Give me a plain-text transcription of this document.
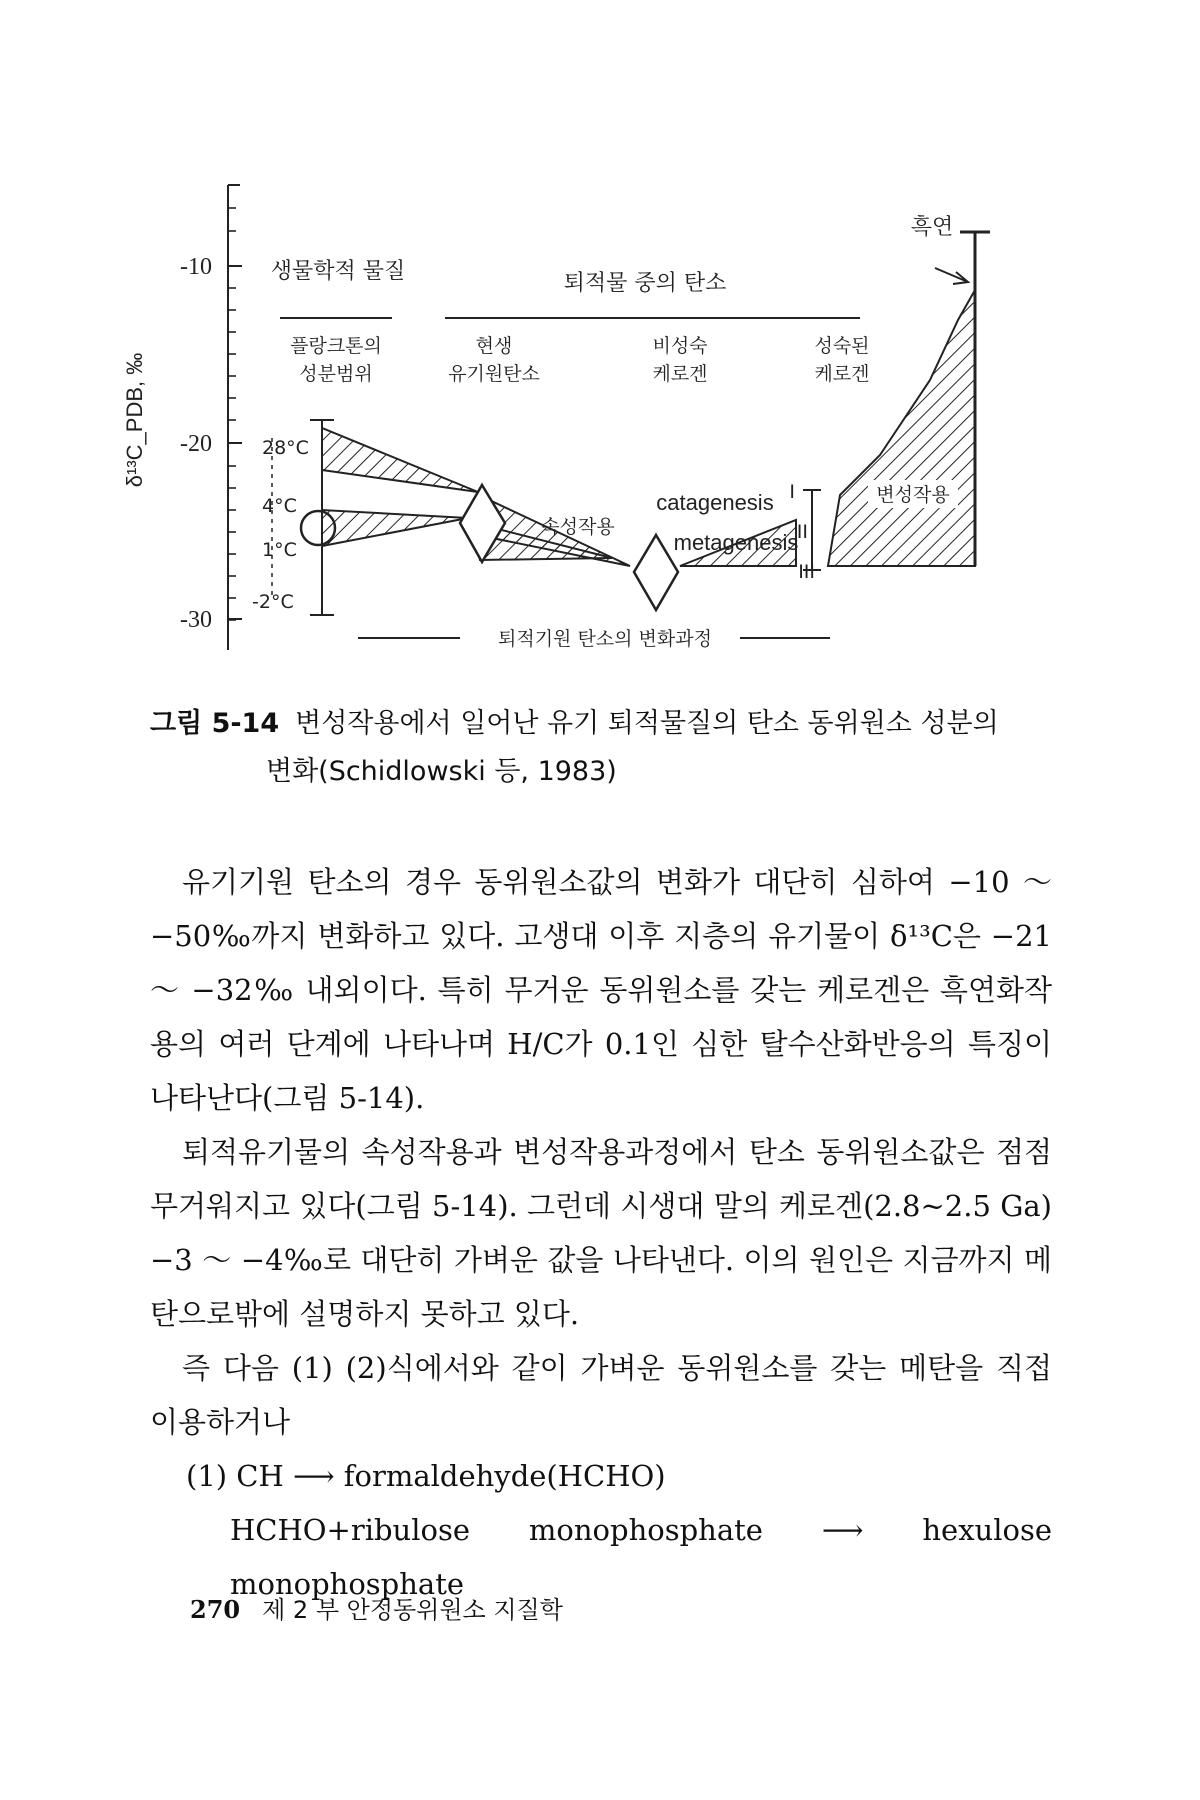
-10
-20
-30
δ¹³C_PDB, ‰
생물학적 물질	퇴적물 중의 탄소
흑연
플랑크톤의
성분범위
현생
유기원탄소
비성숙
케로겐
성숙된
케로겐
28°C
4°C
1°C
-2°C
I
II
III
속성작용
catagenesis
metagenesis
변성작용
퇴적기원 탄소의 변화과정
그림 5-14 변성작용에서 일어난 유기 퇴적물질의 탄소 동위원소 성분의
변화(Schidlowski 등, 1983)

유기기원 탄소의 경우 동위원소값의 변화가 대단히 심하여 −10 ～ −50‰까지 변화하고 있다. 고생대 이후 지층의 유기물이 δ¹³C은 −21 ～ −32‰ 내외이다. 특히 무거운 동위원소를 갖는 케로겐은 흑연화작용의 여러 단계에 나타나며 H/C가 0.1인 심한 탈수산화반응의 특징이 나타난다(그림 5-14).

퇴적유기물의 속성작용과 변성작용과정에서 탄소 동위원소값은 점점 무거워지고 있다(그림 5-14). 그런데 시생대 말의 케로겐(2.8~2.5 Ga)−3 ～ −4‰로 대단히 가벼운 값을 나타낸다. 이의 원인은 지금까지 메탄으로밖에 설명하지 못하고 있다.

즉 다음 (1) (2)식에서와 같이 가벼운 동위원소를 갖는 메탄을 직접 이용하거나

(1) CH ⟶ formaldehyde(HCHO)
HCHO+ribulose monophosphate ⟶ hexulose monophosphate
270 제 2 부 안정동위원소 지질학
